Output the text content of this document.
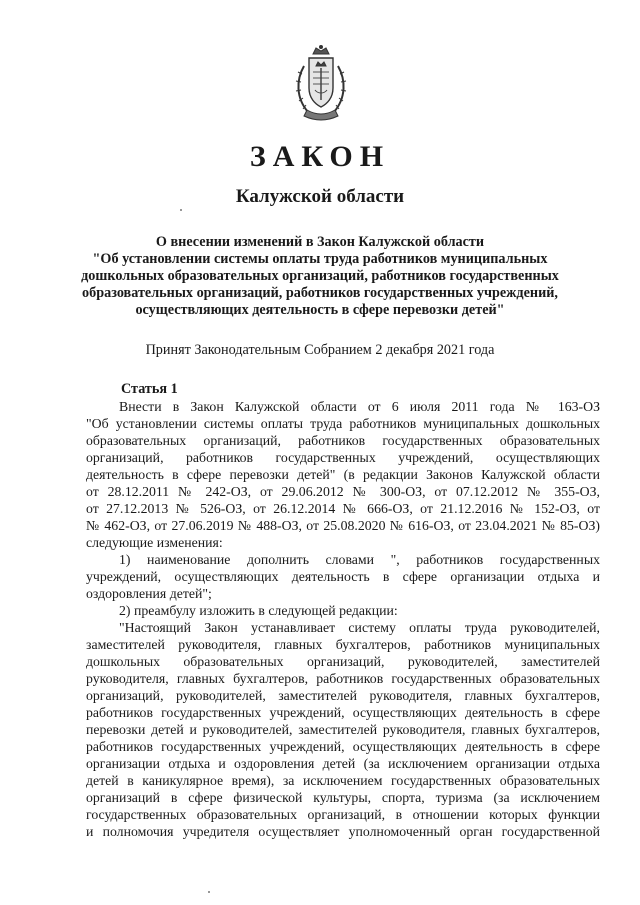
ЗАКОН
Калужской области
О внесении изменений в Закон Калужской области
"Об установлении системы оплаты труда работников муниципальных
дошкольных образовательных организаций, работников государственных
образовательных организаций, работников государственных учреждений,
осуществляющих деятельность в сфере перевозки детей"
Принят Законодательным Собранием 2 декабря 2021 года
Статья 1
Внести в Закон Калужской области от 6 июля 2011 года № 163-ОЗ
"Об установлении системы оплаты труда работников муниципальных дошкольных
образовательных организаций, работников государственных образовательных
организаций, работников государственных учреждений, осуществляющих
деятельность в сфере перевозки детей" (в редакции Законов Калужской области
от 28.12.2011 № 242-ОЗ, от 29.06.2012 № 300-ОЗ, от 07.12.2012 № 355-ОЗ,
от 27.12.2013 № 526-ОЗ, от 26.12.2014 № 666-ОЗ, от 21.12.2016 № 152-ОЗ, от
№ 462-ОЗ, от 27.06.2019 № 488-ОЗ, от 25.08.2020 № 616-ОЗ, от 23.04.2021 № 85-ОЗ)
следующие изменения:
1) наименование дополнить словами ", работников государственных
учреждений, осуществляющих деятельность в сфере организации отдыха и
оздоровления детей";
2) преамбулу изложить в следующей редакции:
"Настоящий Закон устанавливает систему оплаты труда руководителей,
заместителей руководителя, главных бухгалтеров, работников муниципальных
дошкольных образовательных организаций, руководителей, заместителей
руководителя, главных бухгалтеров, работников государственных образовательных
организаций, руководителей, заместителей руководителя, главных бухгалтеров,
работников государственных учреждений, осуществляющих деятельность в сфере
перевозки детей и руководителей, заместителей руководителя, главных бухгалтеров,
работников государственных учреждений, осуществляющих деятельность в сфере
организации отдыха и оздоровления детей (за исключением организации отдыха
детей в каникулярное время), за исключением государственных образовательных
организаций в сфере физической культуры, спорта, туризма (за исключением
государственных образовательных организаций, в отношении которых функции
и полномочия учредителя осуществляет уполномоченный орган государственной
